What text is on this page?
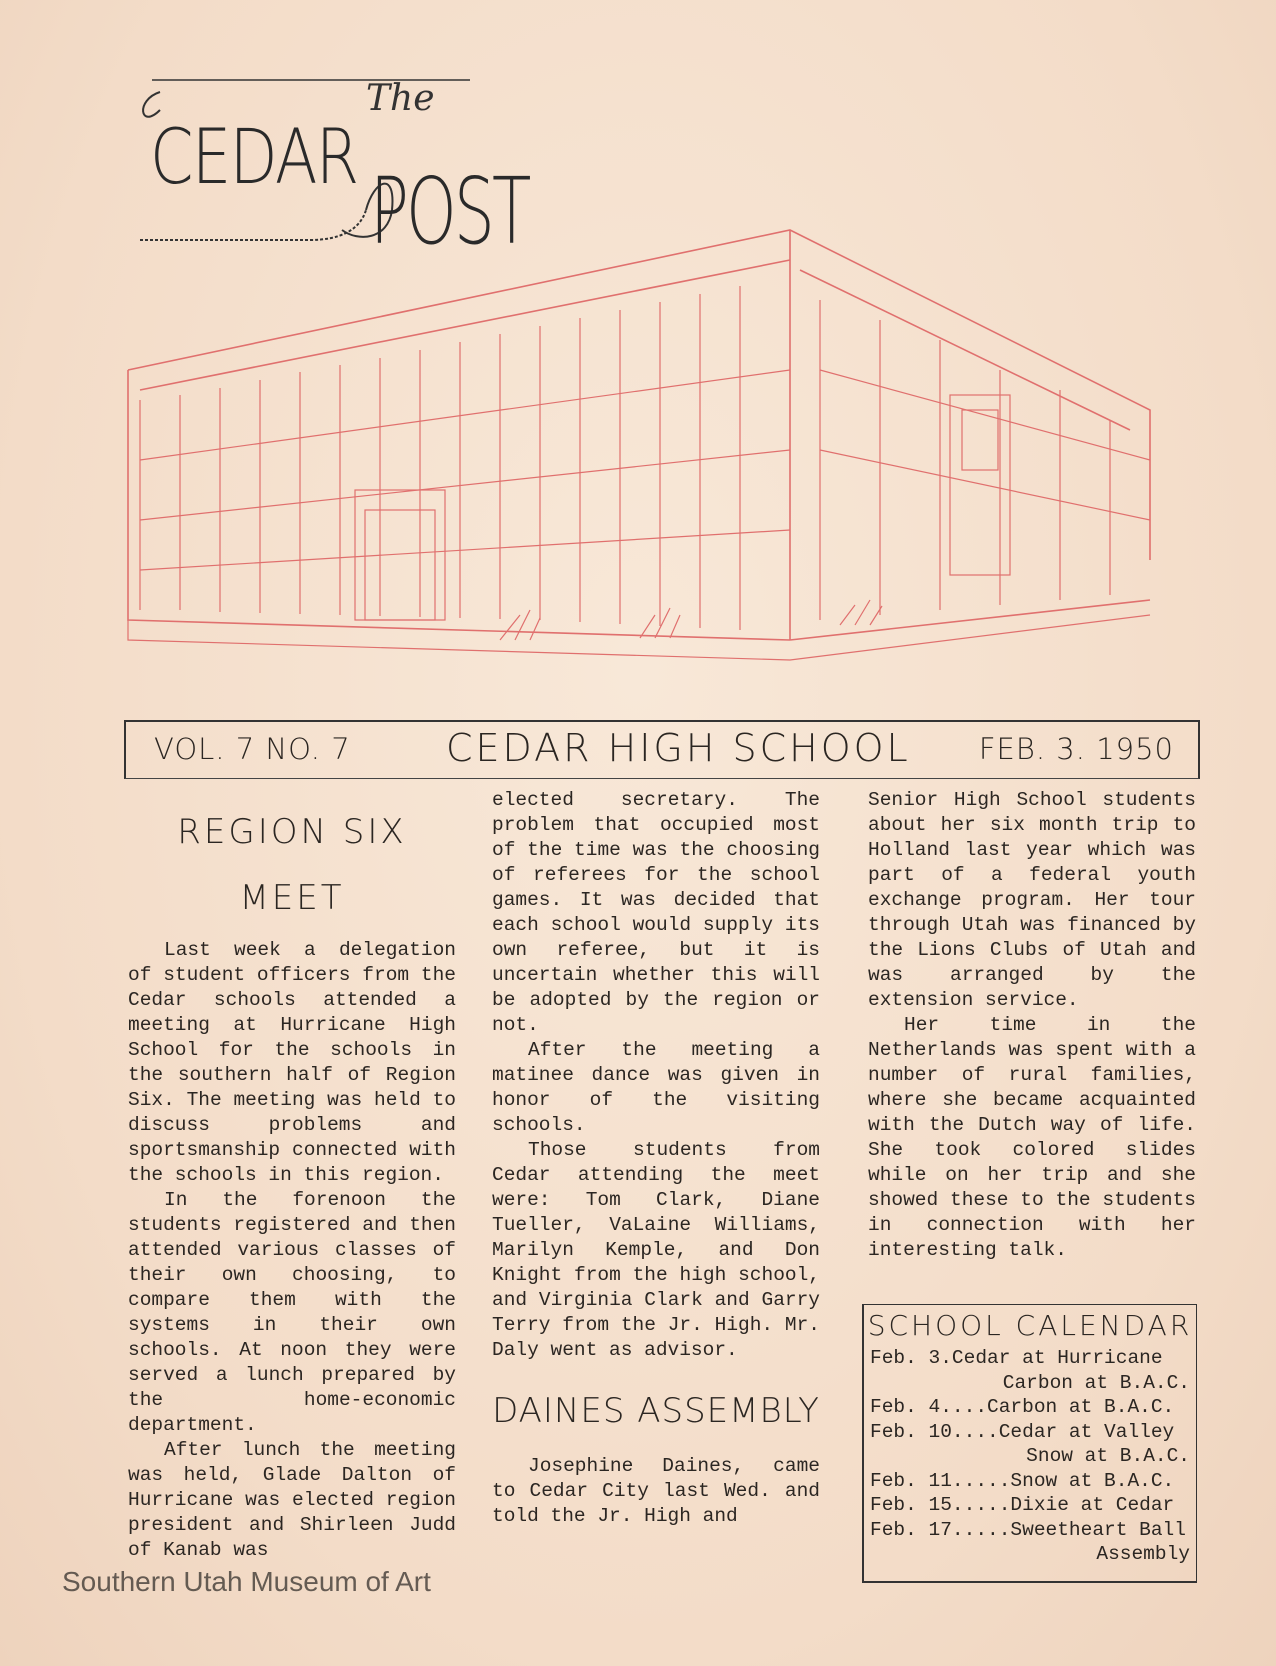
The
CEDAR
POST
VOL. 7 NO. 7	CEDAR HIGH SCHOOL FEB. 3. 1950
REGION SIX
MEET

Last week a delegation of student officers from the Cedar schools attended a meeting at Hurricane High School for the schools in the southern half of Region Six. The meeting was held to discuss problems and sportsmanship connected with the schools in this region.

In the forenoon the students registered and then attended various classes of their own choosing, to compare them with the systems in their own schools. At noon they were served a lunch prepared by the home-economic department.

After lunch the meeting was held, Glade Dalton of Hurricane was elected region president and Shirleen Judd of Kanab was

elected secretary. The problem that occupied most of the time was the choosing of referees for the school games. It was decided that each school would supply its own referee, but it is uncertain whether this will be adopted by the region or not.

After the meeting a matinee dance was given in honor of the visiting schools.

Those students from Cedar attending the meet were: Tom Clark, Diane Tueller, VaLaine Williams, Marilyn Kemple, and Don Knight from the high school, and Virginia Clark and Garry Terry from the Jr. High. Mr. Daly went as advisor.

DAINES ASSEMBLY

Josephine Daines, came to Cedar City last Wed. and told the Jr. High and

Senior High School students about her six month trip to Holland last year which was part of a federal youth exchange program. Her tour through Utah was financed by the Lions Clubs of Utah and was arranged by the extension service.

Her time in the Netherlands was spent with a number of rural families, where she became acquainted with the Dutch way of life. She took colored slides while on her trip and she showed these to the students in connection with her interesting talk.

SCHOOL CALENDAR
Feb. 3.Cedar at Hurricane
Carbon at B.A.C.
Feb. 4....Carbon at B.A.C.
Feb. 10....Cedar at Valley
Snow at B.A.C.
Feb. 11.....Snow at B.A.C.
Feb. 15.....Dixie at Cedar
Feb. 17.....Sweetheart Ball
Assembly
Southern Utah Museum of Art
